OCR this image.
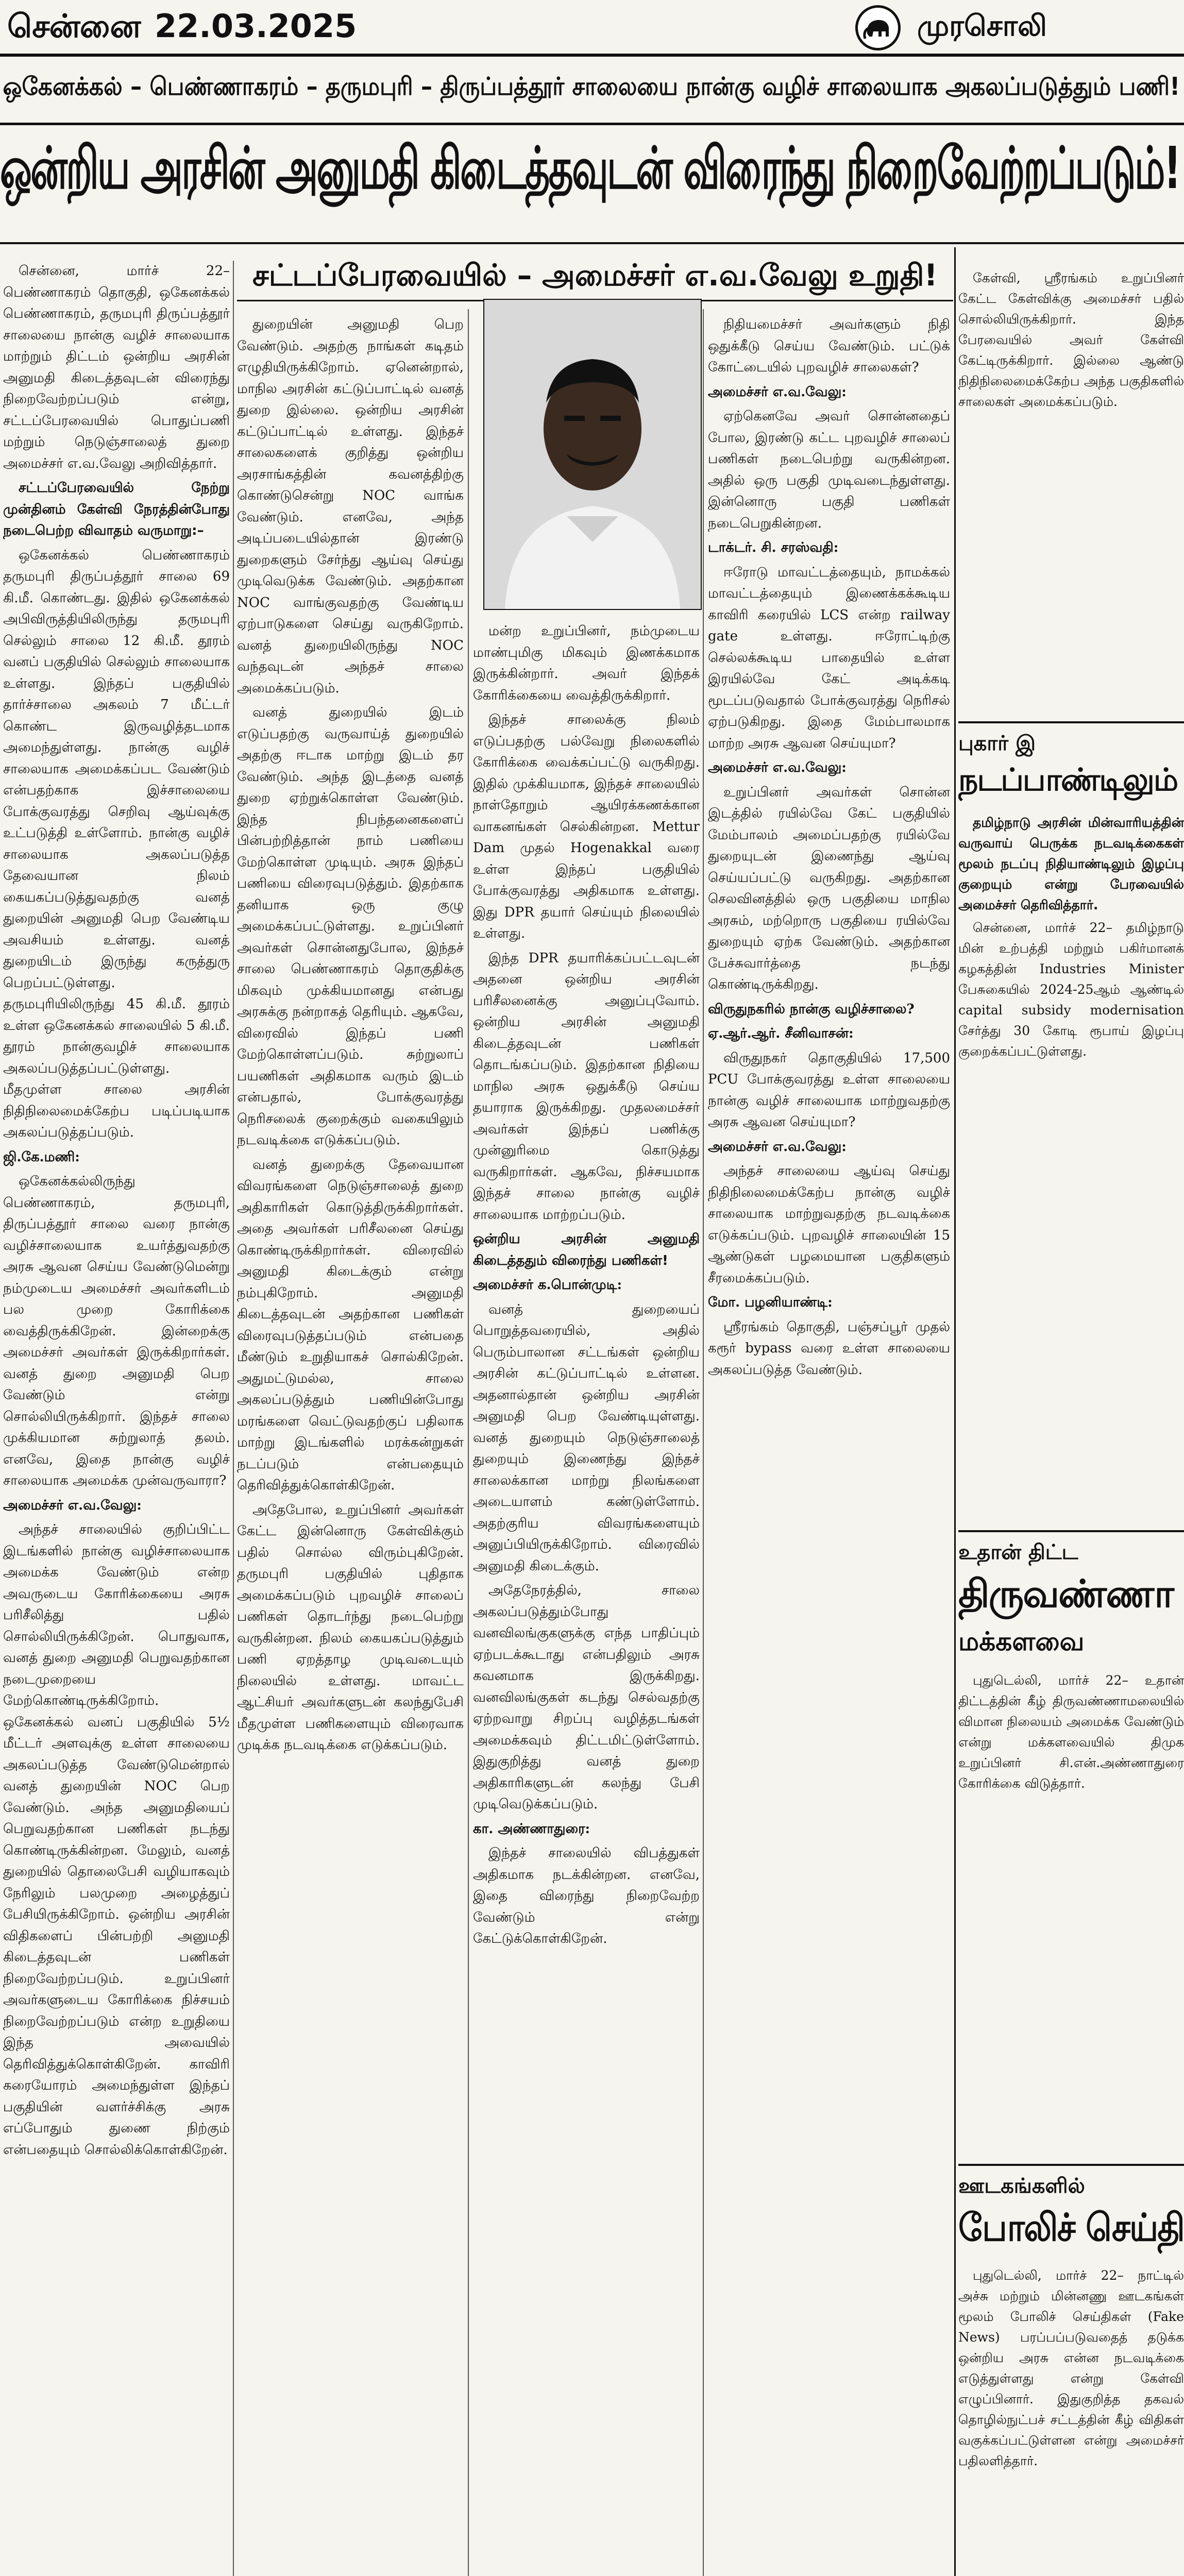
சென்னை 22.03.2025	முரசொலி
ஒகேனக்கல் – பெண்ணாகரம் – தருமபுரி – திருப்பத்தூர் சாலையை நான்கு வழிச் சாலையாக அகலப்படுத்தும் பணி!
ஒன்றிய அரசின் அனுமதி கிடைத்தவுடன் விரைந்து நிறைவேற்றப்படும்!
சட்டப்பேரவையில் – அமைச்சர் எ.வ.வேலு உறுதி!

சென்னை, மார்ச் 22– பெண்ணாகரம் தொகுதி, ஒகேனக்கல் பெண்ணாகரம், தருமபுரி திருப்பத்தூர் சாலையை நான்கு வழிச் சாலையாக மாற்றும் திட்டம் ஒன்றிய அரசின் அனுமதி கிடைத்தவுடன் விரைந்து நிறைவேற்றப்படும் என்று, சட்டப்பேரவையில் பொதுப்பணி மற்றும் நெடுஞ்சாலைத் துறை அமைச்சர் எ.வ.வேலு அறிவித்தார்.

சட்டப்பேரவையில் நேற்று முன்தினம் கேள்வி நேரத்தின்போது நடைபெற்ற விவாதம் வருமாறு:–

ஒகேனக்கல் பெண்ணாகரம் தருமபுரி திருப்பத்தூர் சாலை 69 கி.மீ. கொண்டது. இதில் ஒகேனக்கல் அபிவிருத்தியிலிருந்து தருமபுரி செல்லும் சாலை 12 கி.மீ. தூரம் வனப் பகுதியில் செல்லும் சாலையாக உள்ளது. இந்தப் பகுதியில் தார்ச்சாலை அகலம் 7 மீட்டர் கொண்ட இருவழித்தடமாக அமைந்துள்ளது. நான்கு வழிச் சாலையாக அமைக்கப்பட வேண்டும் என்பதற்காக இச்சாலையை போக்குவரத்து செறிவு ஆய்வுக்கு உட்படுத்தி உள்ளோம். நான்கு வழிச் சாலையாக அகலப்படுத்த தேவையான நிலம் கையகப்படுத்துவதற்கு வனத் துறையின் அனுமதி பெற வேண்டிய அவசியம் உள்ளது. வனத் துறையிடம் இருந்து கருத்துரு பெறப்பட்டுள்ளது. தருமபுரியிலிருந்து 45 கி.மீ. தூரம் உள்ள ஒகேனக்கல் சாலையில் 5 கி.மீ. தூரம் நான்குவழிச் சாலையாக அகலப்படுத்தப்பட்டுள்ளது. மீதமுள்ள சாலை அரசின் நிதிநிலைமைக்கேற்ப படிப்படியாக அகலப்படுத்தப்படும்.

ஜி.கே.மணி:

ஒகேனக்கல்லிருந்து பெண்ணாகரம், தருமபுரி, திருப்பத்தூர் சாலை வரை நான்கு வழிச்சாலையாக உயர்த்துவதற்கு அரசு ஆவன செய்ய வேண்டுமென்று நம்முடைய அமைச்சர் அவர்களிடம் பல முறை கோரிக்கை வைத்திருக்கிறேன். இன்றைக்கு அமைச்சர் அவர்கள் இருக்கிறார்கள். வனத் துறை அனுமதி பெற வேண்டும் என்று சொல்லியிருக்கிறார். இந்தச் சாலை முக்கியமான சுற்றுலாத் தலம். எனவே, இதை நான்கு வழிச் சாலையாக அமைக்க முன்வருவாரா?

அமைச்சர் எ.வ.வேலு:

அந்தச் சாலையில் குறிப்பிட்ட இடங்களில் நான்கு வழிச்சாலையாக அமைக்க வேண்டும் என்ற அவருடைய கோரிக்கையை அரசு பரிசீலித்து பதில் சொல்லியிருக்கிறேன். பொதுவாக, வனத் துறை அனுமதி பெறுவதற்கான நடைமுறையை மேற்கொண்டிருக்கிறோம். ஒகேனக்கல் வனப் பகுதியில் 5½ மீட்டர் அளவுக்கு உள்ள சாலையை அகலப்படுத்த வேண்டுமென்றால் வனத் துறையின் NOC பெற வேண்டும். அந்த அனுமதியைப் பெறுவதற்கான பணிகள் நடந்து கொண்டிருக்கின்றன. மேலும், வனத் துறையில் தொலைபேசி வழியாகவும் நேரிலும் பலமுறை அழைத்துப் பேசியிருக்கிறோம். ஒன்றிய அரசின் விதிகளைப் பின்பற்றி அனுமதி கிடைத்தவுடன் பணிகள் நிறைவேற்றப்படும். உறுப்பினர் அவர்களுடைய கோரிக்கை நிச்சயம் நிறைவேற்றப்படும் என்ற உறுதியை இந்த அவையில் தெரிவித்துக்கொள்கிறேன். காவிரி கரையோரம் அமைந்துள்ள இந்தப் பகுதியின் வளர்ச்சிக்கு அரசு எப்போதும் துணை நிற்கும் என்பதையும் சொல்லிக்கொள்கிறேன்.

துறையின் அனுமதி பெற வேண்டும். அதற்கு நாங்கள் கடிதம் எழுதியிருக்கிறோம். ஏனென்றால், மாநில அரசின் கட்டுப்பாட்டில் வனத் துறை இல்லை. ஒன்றிய அரசின் கட்டுப்பாட்டில் உள்ளது. இந்தச் சாலைகளைக் குறித்து ஒன்றிய அரசாங்கத்தின் கவனத்திற்கு கொண்டுசென்று NOC வாங்க வேண்டும். எனவே, அந்த அடிப்படையில்தான் இரண்டு துறைகளும் சேர்ந்து ஆய்வு செய்து முடிவெடுக்க வேண்டும். அதற்கான NOC வாங்குவதற்கு வேண்டிய ஏற்பாடுகளை செய்து வருகிறோம். வனத் துறையிலிருந்து NOC வந்தவுடன் அந்தச் சாலை அமைக்கப்படும்.

வனத் துறையில் இடம் எடுப்பதற்கு வருவாய்த் துறையில் அதற்கு ஈடாக மாற்று இடம் தர வேண்டும். அந்த இடத்தை வனத் துறை ஏற்றுக்கொள்ள வேண்டும். இந்த நிபந்தனைகளைப் பின்பற்றித்தான் நாம் பணியை மேற்கொள்ள முடியும். அரசு இந்தப் பணியை விரைவுபடுத்தும். இதற்காக தனியாக ஒரு குழு அமைக்கப்பட்டுள்ளது. உறுப்பினர் அவர்கள் சொன்னதுபோல, இந்தச் சாலை பெண்ணாகரம் தொகுதிக்கு மிகவும் முக்கியமானது என்பது அரசுக்கு நன்றாகத் தெரியும். ஆகவே, விரைவில் இந்தப் பணி மேற்கொள்ளப்படும். சுற்றுலாப் பயணிகள் அதிகமாக வரும் இடம் என்பதால், போக்குவரத்து நெரிசலைக் குறைக்கும் வகையிலும் நடவடிக்கை எடுக்கப்படும்.

வனத் துறைக்கு தேவையான விவரங்களை நெடுஞ்சாலைத் துறை அதிகாரிகள் கொடுத்திருக்கிறார்கள். அதை அவர்கள் பரிசீலனை செய்து கொண்டிருக்கிறார்கள். விரைவில் அனுமதி கிடைக்கும் என்று நம்புகிறோம். அனுமதி கிடைத்தவுடன் அதற்கான பணிகள் விரைவுபடுத்தப்படும் என்பதை மீண்டும் உறுதியாகச் சொல்கிறேன். அதுமட்டுமல்ல, சாலை அகலப்படுத்தும் பணியின்போது மரங்களை வெட்டுவதற்குப் பதிலாக மாற்று இடங்களில் மரக்கன்றுகள் நடப்படும் என்பதையும் தெரிவித்துக்கொள்கிறேன்.

அதேபோல, உறுப்பினர் அவர்கள் கேட்ட இன்னொரு கேள்விக்கும் பதில் சொல்ல விரும்புகிறேன். தருமபுரி பகுதியில் புதிதாக அமைக்கப்படும் புறவழிச் சாலைப் பணிகள் தொடர்ந்து நடைபெற்று வருகின்றன. நிலம் கையகப்படுத்தும் பணி ஏறத்தாழ முடிவடையும் நிலையில் உள்ளது. மாவட்ட ஆட்சியர் அவர்களுடன் கலந்துபேசி மீதமுள்ள பணிகளையும் விரைவாக முடிக்க நடவடிக்கை எடுக்கப்படும்.

மன்ற உறுப்பினர், நம்முடைய மாண்புமிகு மிகவும் இணக்கமாக இருக்கின்றார். அவர் இந்தக் கோரிக்கையை வைத்திருக்கிறார்.

இந்தச் சாலைக்கு நிலம் எடுப்பதற்கு பல்வேறு நிலைகளில் கோரிக்கை வைக்கப்பட்டு வருகிறது. இதில் முக்கியமாக, இந்தச் சாலையில் நாள்தோறும் ஆயிரக்கணக்கான வாகனங்கள் செல்கின்றன. Mettur Dam முதல் Hogenakkal வரை உள்ள இந்தப் பகுதியில் போக்குவரத்து அதிகமாக உள்ளது. இது DPR தயார் செய்யும் நிலையில் உள்ளது.

இந்த DPR தயாரிக்கப்பட்டவுடன் அதனை ஒன்றிய அரசின் பரிசீலனைக்கு அனுப்புவோம். ஒன்றிய அரசின் அனுமதி கிடைத்தவுடன் பணிகள் தொடங்கப்படும். இதற்கான நிதியை மாநில அரசு ஒதுக்கீடு செய்ய தயாராக இருக்கிறது. முதலமைச்சர் அவர்கள் இந்தப் பணிக்கு முன்னுரிமை கொடுத்து வருகிறார்கள். ஆகவே, நிச்சயமாக இந்தச் சாலை நான்கு வழிச் சாலையாக மாற்றப்படும்.

ஒன்றிய அரசின் அனுமதி கிடைத்ததும் விரைந்து பணிகள்!

அமைச்சர் க.பொன்முடி:

வனத் துறையைப் பொறுத்தவரையில், அதில் பெரும்பாலான சட்டங்கள் ஒன்றிய அரசின் கட்டுப்பாட்டில் உள்ளன. அதனால்தான் ஒன்றிய அரசின் அனுமதி பெற வேண்டியுள்ளது. வனத் துறையும் நெடுஞ்சாலைத் துறையும் இணைந்து இந்தச் சாலைக்கான மாற்று நிலங்களை அடையாளம் கண்டுள்ளோம். அதற்குரிய விவரங்களையும் அனுப்பியிருக்கிறோம். விரைவில் அனுமதி கிடைக்கும்.

அதேநேரத்தில், சாலை அகலப்படுத்தும்போது வனவிலங்குகளுக்கு எந்த பாதிப்பும் ஏற்படக்கூடாது என்பதிலும் அரசு கவனமாக இருக்கிறது. வனவிலங்குகள் கடந்து செல்வதற்கு ஏற்றவாறு சிறப்பு வழித்தடங்கள் அமைக்கவும் திட்டமிட்டுள்ளோம். இதுகுறித்து வனத் துறை அதிகாரிகளுடன் கலந்து பேசி முடிவெடுக்கப்படும்.

கா. அண்ணாதுரை:

இந்தச் சாலையில் விபத்துகள் அதிகமாக நடக்கின்றன. எனவே, இதை விரைந்து நிறைவேற்ற வேண்டும் என்று கேட்டுக்கொள்கிறேன்.

நிதியமைச்சர் அவர்களும் நிதி ஒதுக்கீடு செய்ய வேண்டும். பட்டுக் கோட்டையில் புறவழிச் சாலைகள்?

அமைச்சர் எ.வ.வேலு:

ஏற்கெனவே அவர் சொன்னதைப் போல, இரண்டு கட்ட புறவழிச் சாலைப் பணிகள் நடைபெற்று வருகின்றன. அதில் ஒரு பகுதி முடிவடைந்துள்ளது. இன்னொரு பகுதி பணிகள் நடைபெறுகின்றன.

டாக்டர். சி. சரஸ்வதி:

ஈரோடு மாவட்டத்தையும், நாமக்கல் மாவட்டத்தையும் இணைக்கக்கூடிய காவிரி கரையில் LCS என்ற railway gate உள்ளது. ஈரோட்டிற்கு செல்லக்கூடிய பாதையில் உள்ள இரயில்வே கேட் அடிக்கடி மூடப்படுவதால் போக்குவரத்து நெரிசல் ஏற்படுகிறது. இதை மேம்பாலமாக மாற்ற அரசு ஆவன செய்யுமா?

அமைச்சர் எ.வ.வேலு:

உறுப்பினர் அவர்கள் சொன்ன இடத்தில் ரயில்வே கேட் பகுதியில் மேம்பாலம் அமைப்பதற்கு ரயில்வே துறையுடன் இணைந்து ஆய்வு செய்யப்பட்டு வருகிறது. அதற்கான செலவினத்தில் ஒரு பகுதியை மாநில அரசும், மற்றொரு பகுதியை ரயில்வே துறையும் ஏற்க வேண்டும். அதற்கான பேச்சுவார்த்தை நடந்து கொண்டிருக்கிறது.

விருதுநகரில் நான்கு வழிச்சாலை?

ஏ.ஆர்.ஆர். சீனிவாசன்:

விருதுநகர் தொகுதியில் 17,500 PCU போக்குவரத்து உள்ள சாலையை நான்கு வழிச் சாலையாக மாற்றுவதற்கு அரசு ஆவன செய்யுமா?

அமைச்சர் எ.வ.வேலு:

அந்தச் சாலையை ஆய்வு செய்து நிதிநிலைமைக்கேற்ப நான்கு வழிச் சாலையாக மாற்றுவதற்கு நடவடிக்கை எடுக்கப்படும். புறவழிச் சாலையின் 15 ஆண்டுகள் பழமையான பகுதிகளும் சீரமைக்கப்படும்.

மோ. பழனியாண்டி:

ஸ்ரீரங்கம் தொகுதி, பஞ்சப்பூர் முதல் கரூர் bypass வரை உள்ள சாலையை அகலப்படுத்த வேண்டும்.

கேள்வி, ஸ்ரீரங்கம் உறுப்பினர் கேட்ட கேள்விக்கு அமைச்சர் பதில் சொல்லியிருக்கிறார். இந்த பேரவையில் அவர் கேள்வி கேட்டிருக்கிறார். இல்லை ஆண்டு நிதிநிலைமைக்கேற்ப அந்த பகுதிகளில் சாலைகள் அமைக்கப்படும்.

புகார் இ
நடப்பாண்டிலும்

தமிழ்நாடு அரசின் மின்வாரியத்தின் வருவாய் பெருக்க நடவடிக்கைகள் மூலம் நடப்பு நிதியாண்டிலும் இழப்பு குறையும் என்று பேரவையில் அமைச்சர் தெரிவித்தார்.

சென்னை, மார்ச் 22– தமிழ்நாடு மின் உற்பத்தி மற்றும் பகிர்மானக் கழகத்தின் Industries Minister பேசுகையில் 2024-25ஆம் ஆண்டில் capital subsidy modernisation சேர்த்து 30 கோடி ரூபாய் இழப்பு குறைக்கப்பட்டுள்ளது.

உதான் திட்ட
திருவண்ணா
மக்களவை

புதுடெல்லி, மார்ச் 22– உதான் திட்டத்தின் கீழ் திருவண்ணாமலையில் விமான நிலையம் அமைக்க வேண்டும் என்று மக்களவையில் திமுக உறுப்பினர் சி.என்.அண்ணாதுரை கோரிக்கை விடுத்தார்.

ஊடகங்களில்
போலிச் செய்தி

புதுடெல்லி, மார்ச் 22– நாட்டில் அச்சு மற்றும் மின்னணு ஊடகங்கள் மூலம் போலிச் செய்திகள் (Fake News) பரப்பப்படுவதைத் தடுக்க ஒன்றிய அரசு என்ன நடவடிக்கை எடுத்துள்ளது என்று கேள்வி எழுப்பினார். இதுகுறித்த தகவல் தொழில்நுட்பச் சட்டத்தின் கீழ் விதிகள் வகுக்கப்பட்டுள்ளன என்று அமைச்சர் பதிலளித்தார்.
